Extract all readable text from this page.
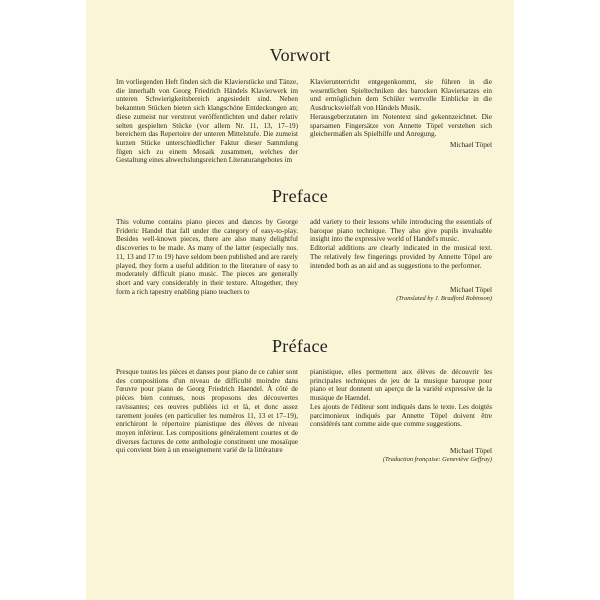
Vorwort

Im vorliegenden Heft finden sich die Klavierstücke und Tänze, die innerhalb von Georg Friedrich Händels Klavierwerk im unteren Schwierigkeitsbereich angesiedelt sind. Neben bekannten Stücken bieten sich klangschöne Entdeckungen an; diese zumeist nur verstreut veröffentlichten und daher relativ selten gespielten Stücke (vor allem Nr. 11, 13, 17–19) bereichern das Repertoire der unteren Mittelstufe. Die zumeist kurzen Stücke unterschiedlicher Faktur dieser Sammlung fügen sich zu einem Mosaik zusammen, welches der Gestaltung eines abwechslungsreichen Literaturangebotes im

Klavierunterricht entgegenkommt, sie führen in die wesentlichen Spieltechniken des barocken Klaviersatzes ein und ermöglichen dem Schüler wertvolle Einblicke in die Ausdrucksvielfalt von Händels Musik.

Herausgeberzutaten im Notentext sind gekennzeichnet. Die sparsamen Fingersätze von Annette Töpel verstehen sich gleichermaßen als Spielhilfe und Anregung.

Michael Töpel
Preface

This volume contains piano pieces and dances by George Frideric Handel that fall under the category of easy-to-play. Besides well-known pieces, there are also many delightful discoveries to be made. As many of the latter (especially nos. 11, 13 and 17 to 19) have seldom been published and are rarely played, they form a useful addition to the literature of easy to moderately difficult piano music. The pieces are generally short and vary considerably in their texture. Altogether, they form a rich tapestry enabling piano teachers to

add variety to their lessons while introducing the essentials of baroque piano technique. They also give pupils invaluable insight into the expressive world of Handel's music.

Editorial additions are clearly indicated in the musical text. The relatively few fingerings provided by Annette Töpel are intended both as an aid and as suggestions to the performer.

Michael Töpel
(Translated by J. Bradford Robinson)
Préface

Presque toutes les pièces et danses pour piano de ce cahier sont des compositions d'un niveau de difficulté moindre dans l'œuvre pour piano de Georg Friedrich Haendel. À côté de pièces bien connues, nous proposons des découvertes ravissantes; ces œuvres publiées ici et là, et donc assez rarement jouées (en particulier les numéros 11, 13 et 17–19), enrichiront le répertoire pianistique des élèves de niveau moyen inférieur. Les compositions généralement courtes et de diverses factures de cette anthologie constituent une mosaïque qui convient bien à un enseignement varié de la littérature

pianistique, elles permettent aux élèves de découvrir les principales techniques de jeu de la musique baroque pour piano et leur donnent un aperçu de la variété expressive de la musique de Haendel.

Les ajouts de l'éditeur sont indiqués dans le texte. Les doigtés parcimonieux indiqués par Annette Töpel doivent être considérés tant comme aide que comme suggestions.

Michael Töpel
(Traduction française: Geneviève Geffray)
